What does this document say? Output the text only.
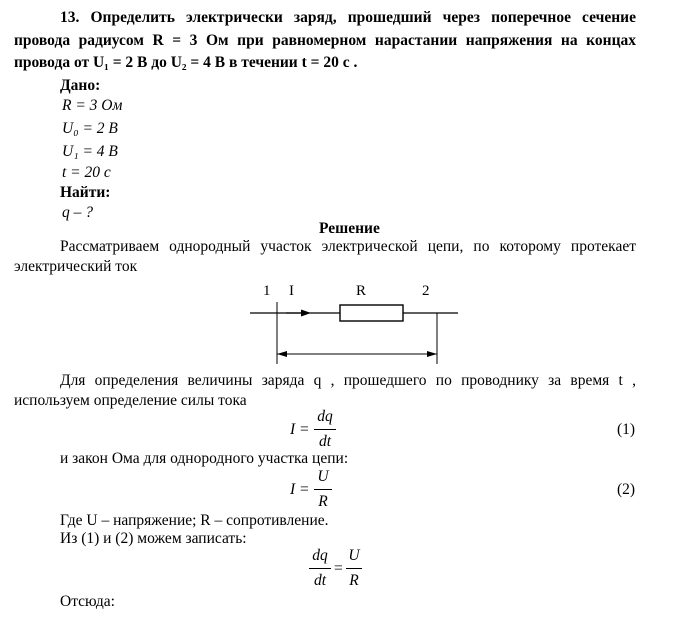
13. Определить электрически заряд, прошедший через поперечное сечение
провода радиусом R = 3 Ом при равномерном нарастании напряжения на концах
провода от U₁ = 2 В до U₂ = 4 В в течении t = 20 с .
Дано:
R = 3 Ом
U₀ = 2 В
U₁ = 4 В
t = 20 с
Найти:
q – ?
Решение
Рассматриваем однородный участок электрической цепи, по которому протекает
электрический ток
1 I	R	2
Для определения величины заряда q , прошедшего по проводнику за время t ,
используем определение силы тока
I =
dq
dt
(1)
и закон Ома для однородного участка цепи:
I =
U
R
(2)
Где U – напряжение; R – сопротивление.
Из (1) и (2) можем записать:
dq
dt
=
U
R
Отсюда:
